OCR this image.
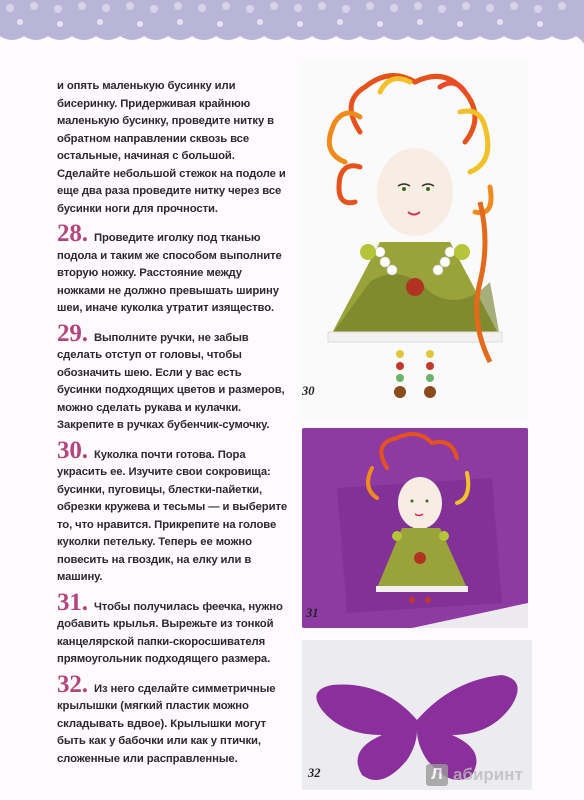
и опять маленькую бусинку или бисеринку. Придерживая крайнюю маленькую бусинку, проведите нитку в обратном направлении сквозь все остальные, начиная с большой. Сделайте небольшой стежок на подоле и еще два раза проведите нитку через все бусинки ноги для прочности.

28. Проведите иголку под тканью подола и таким же способом выполните вторую ножку. Расстояние между ножками не должно превышать ширину шеи, иначе куколка утратит изящество.

29. Выполните ручки, не забыв сделать отступ от головы, чтобы обозначить шею. Если у вас есть бусинки подходящих цветов и размеров, можно сделать рукава и кулачки. Закрепите в ручках бубенчик-сумочку.

30. Куколка почти готова. Пора украсить ее. Изучите свои сокровища: бусинки, пуговицы, блестки-пайетки, обрезки кружева и тесьмы — и выберите то, что нравится. Прикрепите на голове куколки петельку. Теперь ее можно повесить на гвоздик, на елку или в машину.

31. Чтобы получилась феечка, нужно добавить крылья. Вырежьте из тонкой канцелярской папки-скоросшивателя прямоугольник подходящего размера.

32. Из него сделайте симметричные крылышки (мягкий пластик можно складывать вдвое). Крылышки могут быть как у бабочки или как у птички, сложенные или расправленные.

30
31
32	Л абиринт
